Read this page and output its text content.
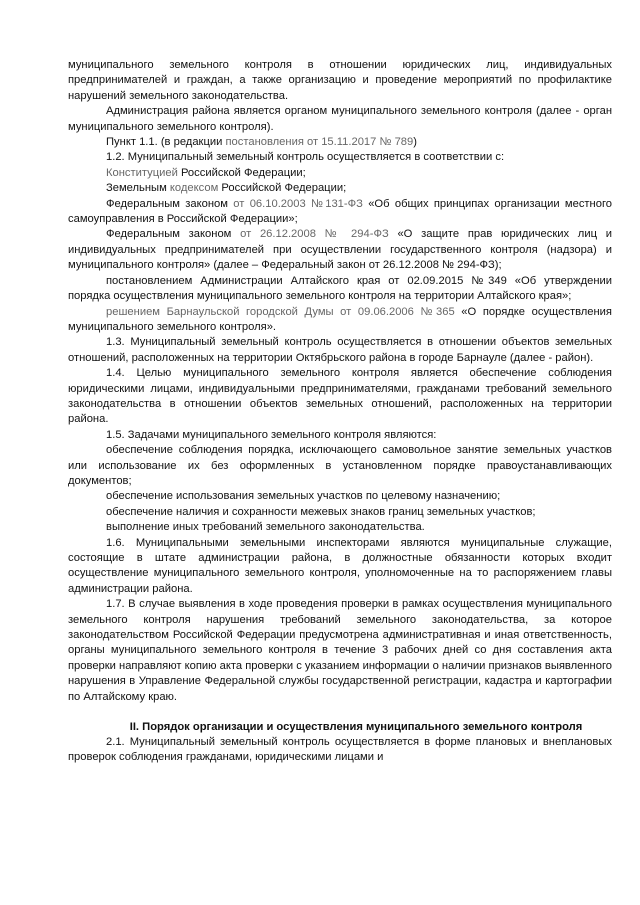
муниципального земельного контроля в отношении юридических лиц, индивидуальных предпринимателей и граждан, а также организацию и проведение мероприятий по профилактике нарушений земельного законодательства.

Администрация района является органом муниципального земельного контроля (далее - орган муниципального земельного контроля).

Пункт 1.1. (в редакции постановления от 15.11.2017 № 789)

1.2. Муниципальный земельный контроль осуществляется в соответствии с:

Конституцией Российской Федерации;

Земельным кодексом Российской Федерации;

Федеральным законом от 06.10.2003 №131-ФЗ «Об общих принципах организации местного самоуправления в Российской Федерации»;

Федеральным законом от 26.12.2008 № 294-ФЗ «О защите прав юридических лиц и индивидуальных предпринимателей при осуществлении государственного контроля (надзора) и муниципального контроля» (далее – Федеральный закон от 26.12.2008 № 294-ФЗ);

постановлением Администрации Алтайского края от 02.09.2015 №349 «Об утверждении порядка осуществления муниципального земельного контроля на территории Алтайского края»;

решением Барнаульской городской Думы от 09.06.2006 №365 «О порядке осуществления муниципального земельного контроля».

1.3. Муниципальный земельный контроль осуществляется в отношении объектов земельных отношений, расположенных на территории Октябрьского района в городе Барнауле (далее - район).

1.4. Целью муниципального земельного контроля является обеспечение соблюдения юридическими лицами, индивидуальными предпринимателями, гражданами требований земельного законодательства в отношении объектов земельных отношений, расположенных на территории района.

1.5. Задачами муниципального земельного контроля являются:

обеспечение соблюдения порядка, исключающего самовольное занятие земельных участков или использование их без оформленных в установленном порядке правоустанавливающих документов;

обеспечение использования земельных участков по целевому назначению;

обеспечение наличия и сохранности межевых знаков границ земельных участков;

выполнение иных требований земельного законодательства.

1.6. Муниципальными земельными инспекторами являются муниципальные служащие, состоящие в штате администрации района, в должностные обязанности которых входит осуществление муниципального земельного контроля, уполномоченные на то распоряжением главы администрации района.

1.7. В случае выявления в ходе проведения проверки в рамках осуществления муниципального земельного контроля нарушения требований земельного законодательства, за которое законодательством Российской Федерации предусмотрена административная и иная ответственность, органы муниципального земельного контроля в течение 3 рабочих дней со дня составления акта проверки направляют копию акта проверки с указанием информации о наличии признаков выявленного нарушения в Управление Федеральной службы государственной регистрации, кадастра и картографии по Алтайскому краю.

II. Порядок организации и осуществления муниципального земельного контроля

2.1. Муниципальный земельный контроль осуществляется в форме плановых и внеплановых проверок соблюдения гражданами, юридическими лицами и
